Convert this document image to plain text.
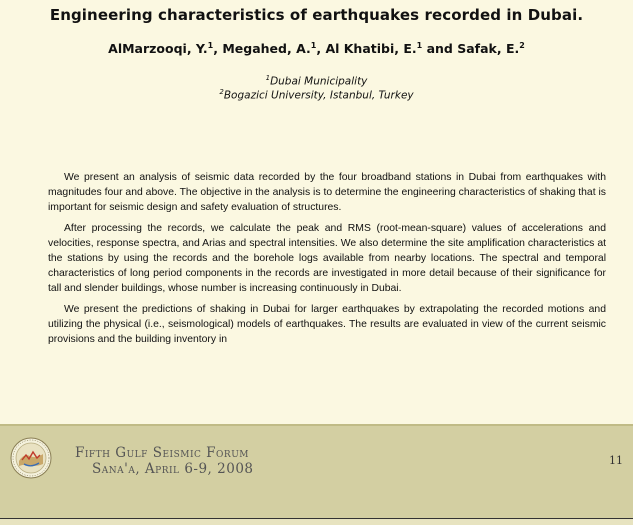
Engineering characteristics of earthquakes recorded in Dubai.
AlMarzooqi, Y.$^1$, Megahed, A.$^1$, Al Khatibi, E.$^1$ and Safak, E.$^2$
$^1$Dubai Municipality
$^2$Bogazici University, Istanbul, Turkey

We present an analysis of seismic data recorded by the four broadband stations in Dubai from earthquakes with magnitudes four and above. The objective in the analysis is to determine the engineering characteristics of shaking that is important for seismic design and safety evaluation of structures.

After processing the records, we calculate the peak and RMS (root-mean-square) values of accelerations and velocities, response spectra, and Arias and spectral intensities. We also determine the site amplification characteristics at the stations by using the records and the borehole logs available from nearby locations. The spectral and temporal characteristics of long period components in the records are investigated in more detail because of their significance for tall and slender buildings, whose number is increasing continuously in Dubai.

We present the predictions of shaking in Dubai for larger earthquakes by extrapolating the recorded motions and utilizing the physical (i.e., seismological) models of earthquakes. The results are evaluated in view of the current seismic provisions and the building inventory in

Fifth Gulf Seismic Forum
Sana'a, April 6-9, 2008
11
